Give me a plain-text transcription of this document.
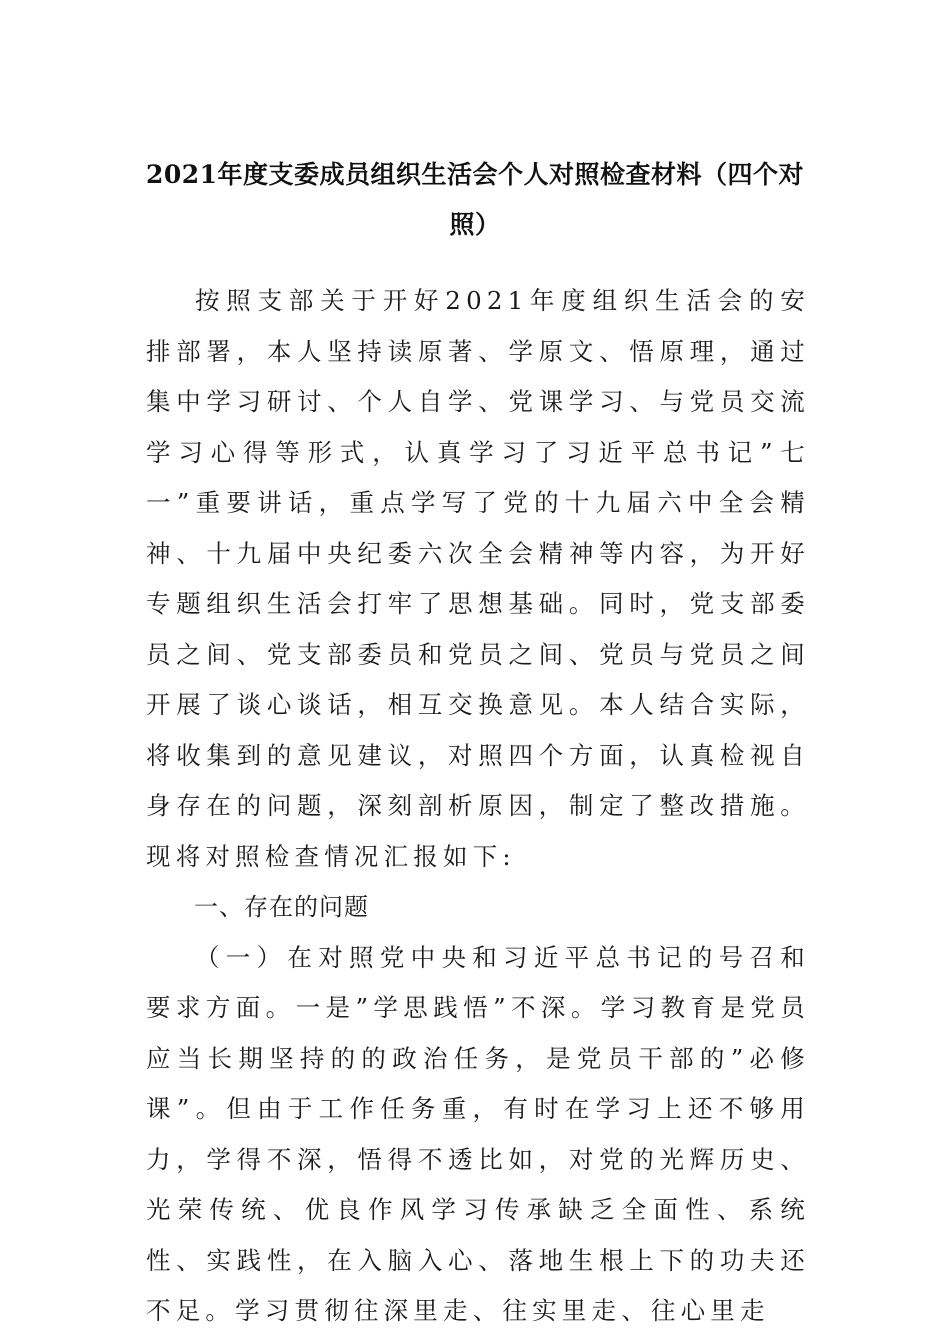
2021年度支委成员组织生活会个人对照检查材料（四个对照）

按照支部关于开好2021年度组织生活会的安排部署，本人坚持读原著、学原文、悟原理，通过集中学习研讨、个人自学、党课学习、与党员交流学习心得等形式，认真学习了习近平总书记”七一”重要讲话，重点学写了党的十九届六中全会精神、十九届中央纪委六次全会精神等内容，为开好专题组织生活会打牢了思想基础。同时，党支部委员之间、党支部委员和党员之间、党员与党员之间开展了谈心谈话，相互交换意见。本人结合实际，将收集到的意见建议，对照四个方面，认真检视自身存在的问题，深刻剖析原因，制定了整改措施。现将对照检查情况汇报如下:

一、存在的问题

（一）在对照党中央和习近平总书记的号召和要求方面。一是”学思践悟”不深。学习教育是党员应当长期坚持的的政治任务，是党员干部的”必修课”。但由于工作任务重，有时在学习上还不够用力，学得不深，悟得不透比如，对党的光辉历史、光荣传统、优良作风学习传承缺乏全面性、系统性、实践性，在入脑入心、落地生根上下的功夫还不足。学习贯彻往深里走、往实里走、往心里走
